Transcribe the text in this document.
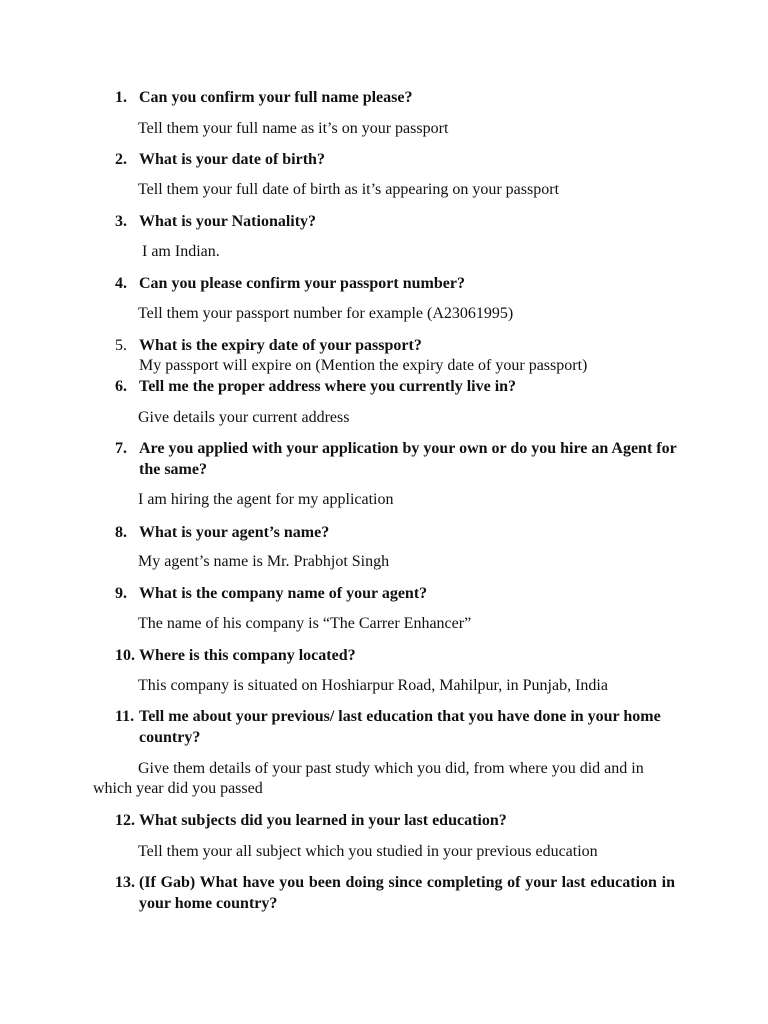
1. Can you confirm your full name please?
Tell them your full name as it’s on your passport
2. What is your date of birth?
Tell them your full date of birth as it’s appearing on your passport
3. What is your Nationality?
I am Indian.
4. Can you please confirm your passport number?
Tell them your passport number for example (A23061995)
5. What is the expiry date of your passport?
My passport will expire on (Mention the expiry date of your passport)
6. Tell me the proper address where you currently live in?
Give details your current address
7. Are you applied with your application by your own or do you hire an Agent for the same?
I am hiring the agent for my application
8. What is your agent’s name?
My agent’s name is Mr. Prabhjot Singh
9. What is the company name of your agent?
The name of his company is “The Carrer Enhancer”
10. Where is this company located?
This company is situated on Hoshiarpur Road, Mahilpur, in Punjab, India
11. Tell me about your previous/ last education that you have done in your home country?
Give them details of your past study which you did, from where you did and in which year did you passed
12. What subjects did you learned in your last education?
Tell them your all subject which you studied in your previous education
13. (If Gab) What have you been doing since completing of your last education in your home country?
